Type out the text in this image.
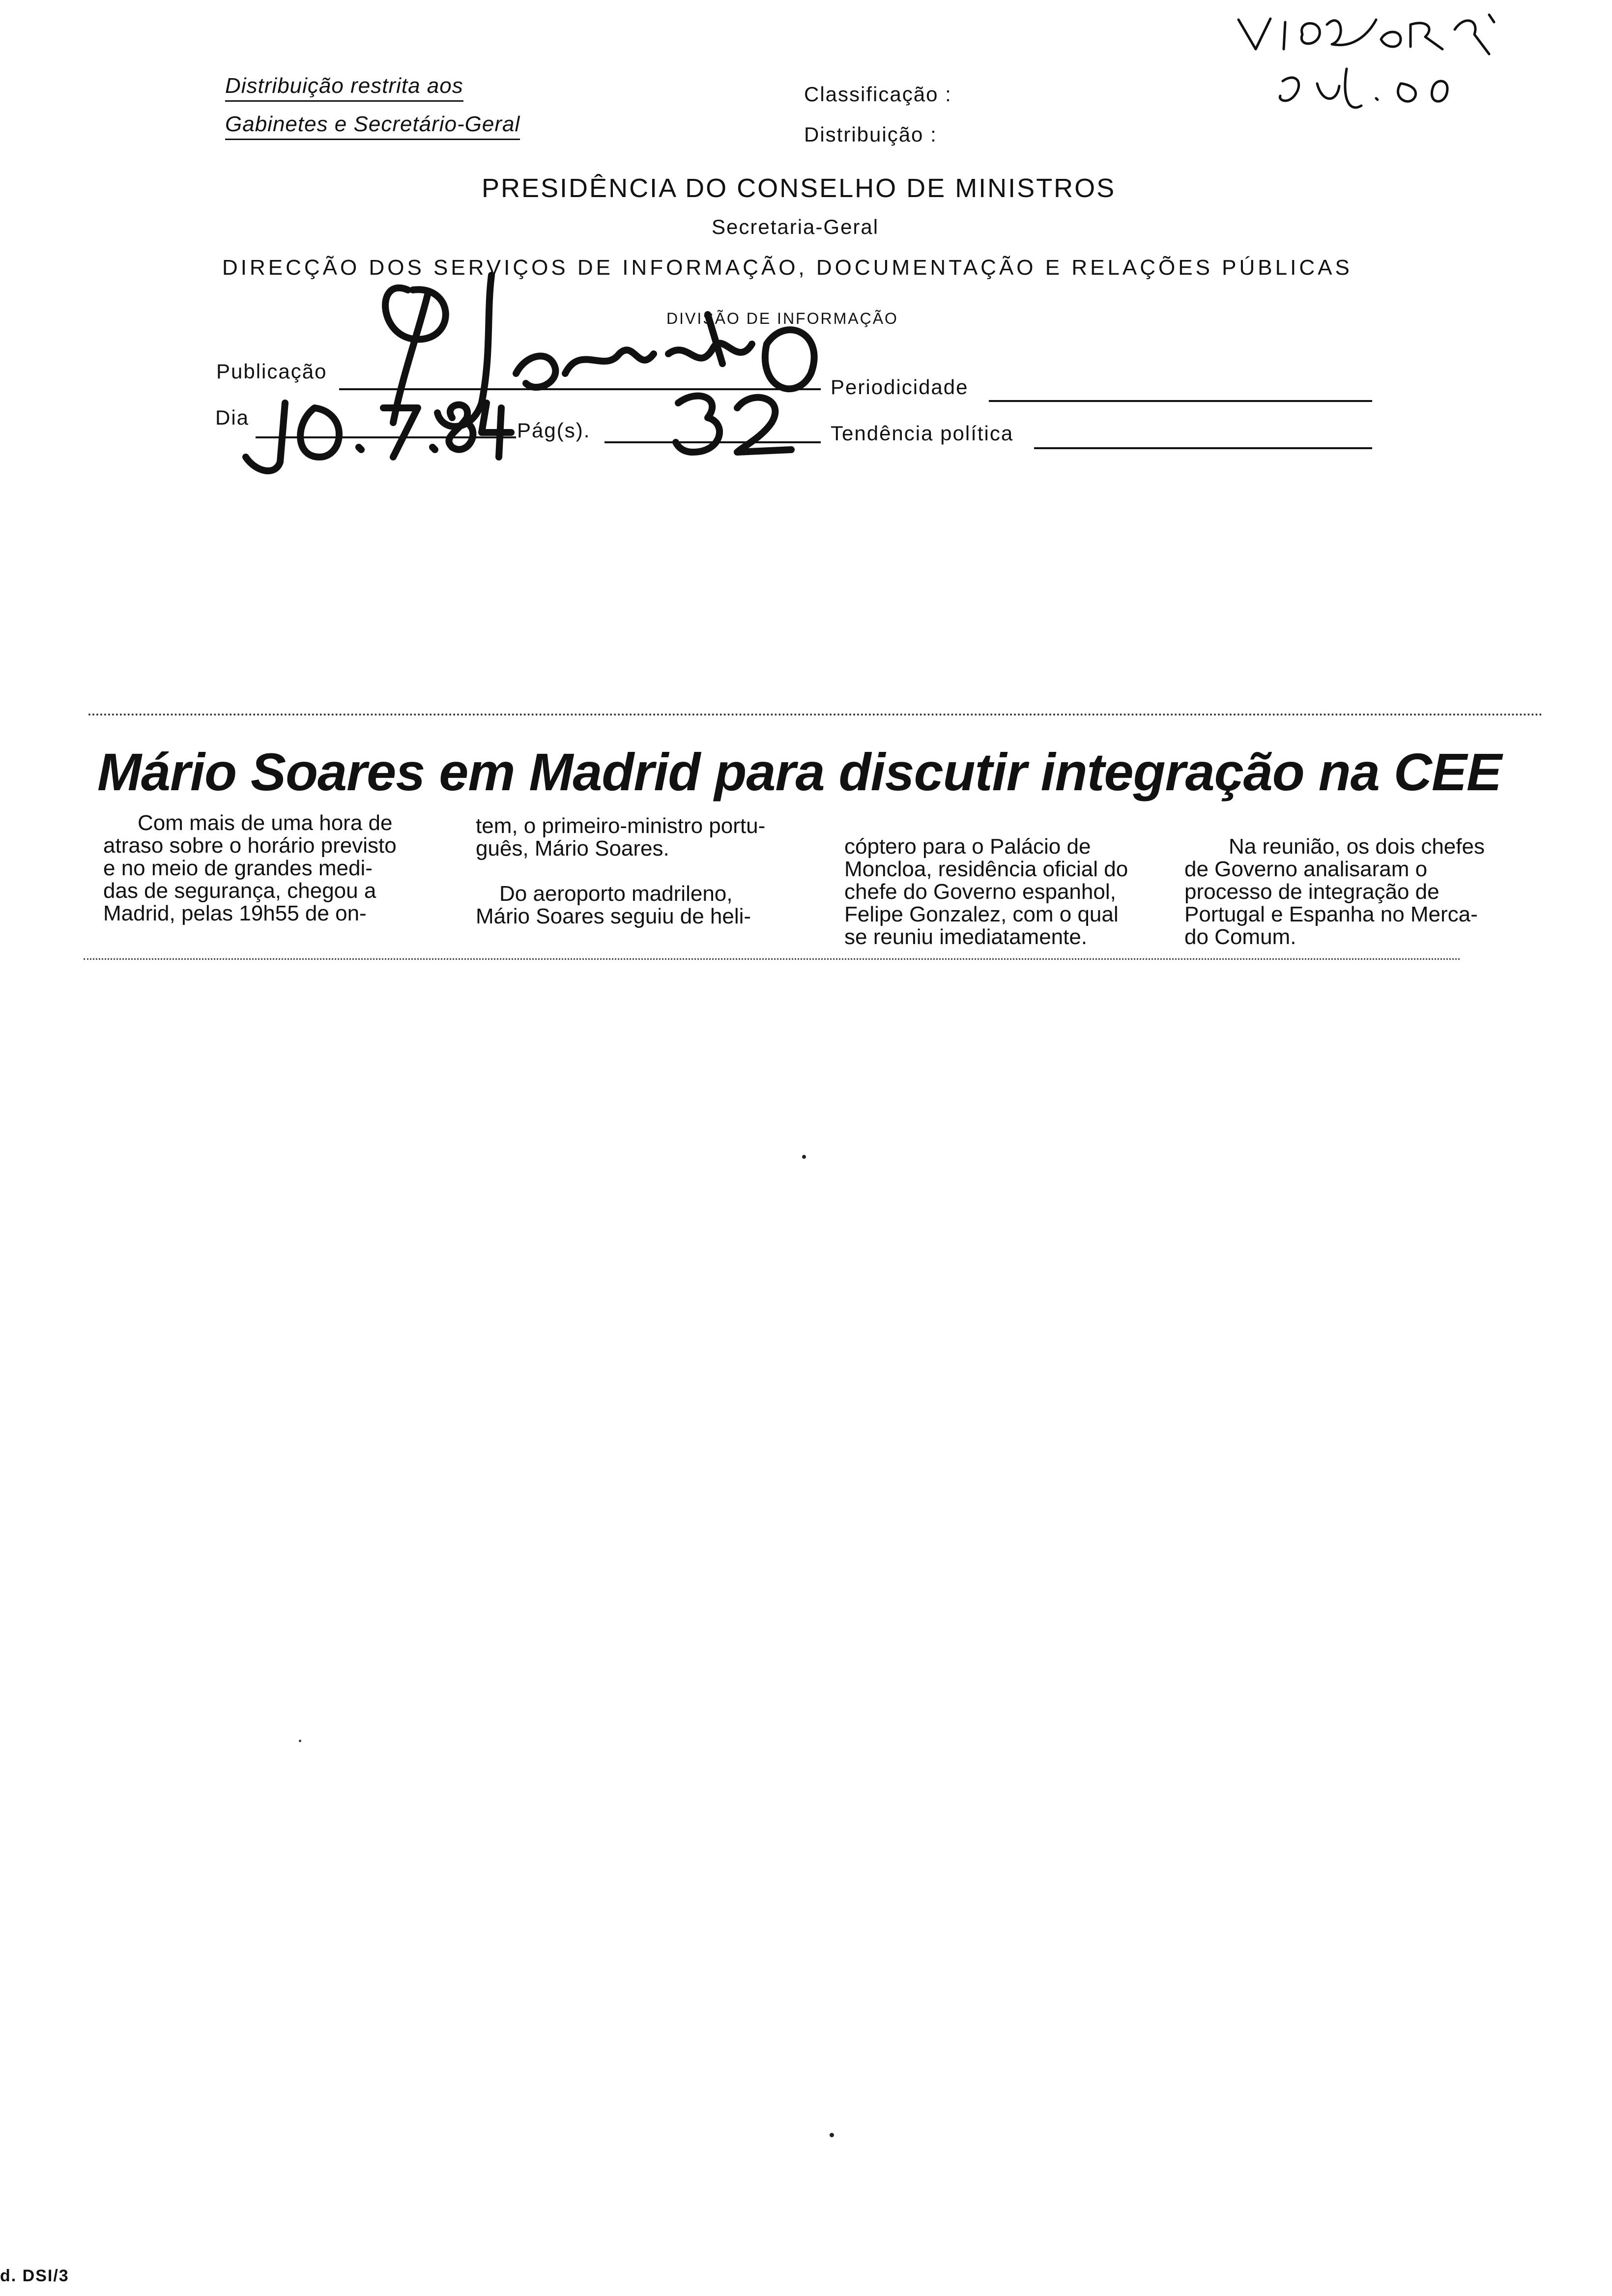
Distribuição restrita aos
Gabinetes e Secretário-Geral
Classificação :
Distribuição :
PRESIDÊNCIA DO CONSELHO DE MINISTROS
Secretaria-Geral
DIRECÇÃO DOS SERVIÇOS DE INFORMAÇÃO, DOCUMENTAÇÃO E RELAÇÕES PÚBLICAS
DIVISÃO DE INFORMAÇÃO
Publicação
Dia
Pág(s).
Periodicidade
Tendência política
Mário Soares em Madrid para discutir integração na CEE
Com mais de uma hora de
atraso sobre o horário previsto
e no meio de grandes medi-
das de segurança, chegou a
Madrid, pelas 19h55 de on-
tem, o primeiro-ministro portu-
guês, Mário Soares.

Do aeroporto madrileno,
Mário Soares seguiu de heli-
cóptero para o Palácio de
Moncloa, residência oficial do
chefe do Governo espanhol,
Felipe Gonzalez, com o qual
se reuniu imediatamente.
Na reunião, os dois chefes
de Governo analisaram o
processo de integração de
Portugal e Espanha no Merca-
do Comum.
d. DSI/3
